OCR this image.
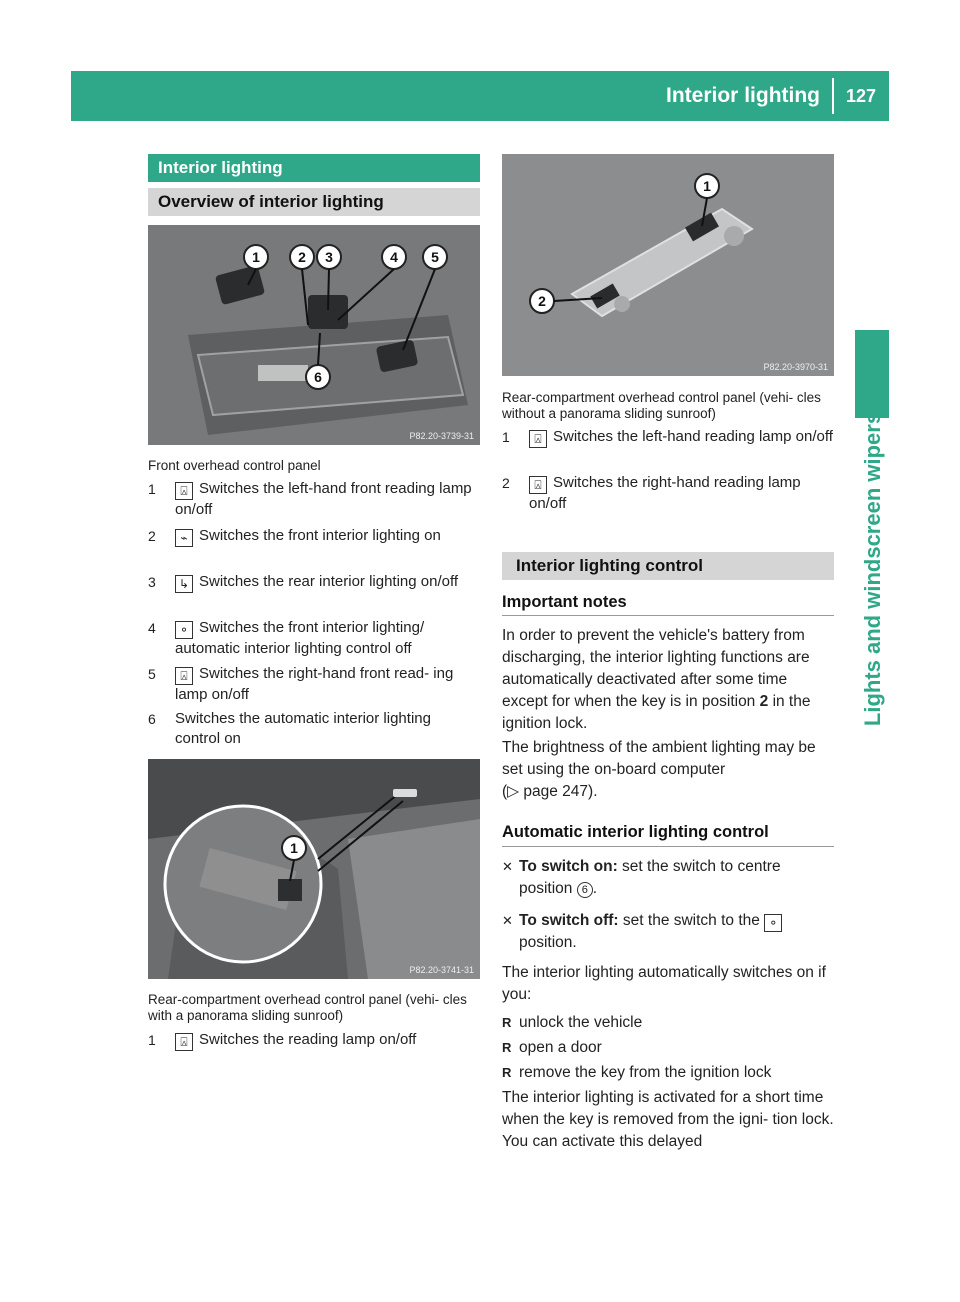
Interior lighting	127
Lights and windscreen wipers
Interior lighting
Overview of interior lighting
1	2 3	4 5
6
P82.20-3739-31
Front overhead control panel
1	⍓ Switches the left-hand front reading lamp on/off
2	⌁ Switches the front interior lighting on
3	↳ Switches the rear interior lighting on/off
4	⚬ Switches the front interior lighting/ automatic interior lighting control off
5	⍓ Switches the right-hand front read- ing lamp on/off
6	Switches the automatic interior lighting control on
1
P82.20-3741-31
Rear-compartment overhead control panel (vehi- cles with a panorama sliding sunroof)
1	⍓ Switches the reading lamp on/off
1
2
P82.20-3970-31
Rear-compartment overhead control panel (vehi- cles without a panorama sliding sunroof)
1	⍓ Switches the left-hand reading lamp on/off
2	⍓ Switches the right-hand reading lamp on/off
Interior lighting control
Important notes
In order to prevent the vehicle's battery from discharging, the interior lighting functions are automatically deactivated after some time except for when the key is in position 2 in the ignition lock.
The brightness of the ambient lighting may be set using the on-board computer
(▷ page 247).
Automatic interior lighting control
✕ To switch on: set the switch to centre position 6 .
✕ To switch off: set the switch to the ⚬
position.
The interior lighting automatically switches on if you:
R unlock the vehicle
R open a door
R remove the key from the ignition lock
The interior lighting is activated for a short time when the key is removed from the igni- tion lock. You can activate this delayed
